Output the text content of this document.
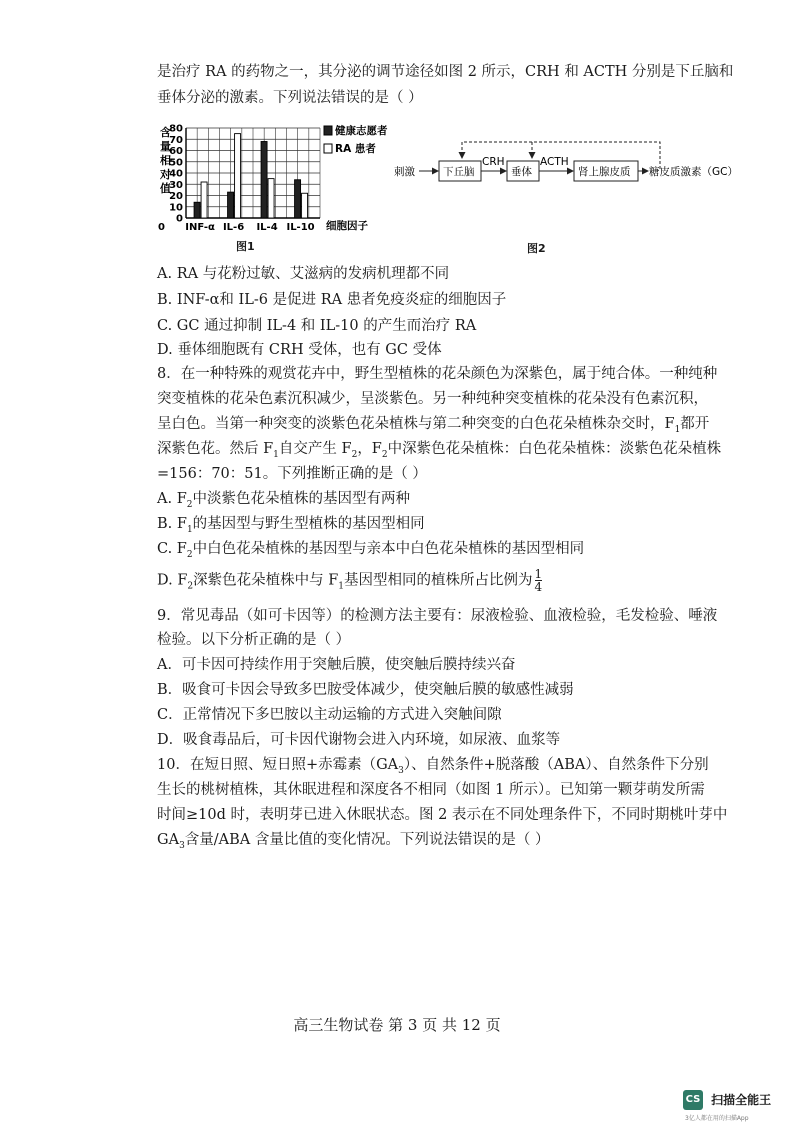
是治疗 RA 的药物之一，其分泌的调节途径如图 2 所示，CRH 和 ACTH 分别是下丘脑和
垂体分泌的激素。下列说法错误的是（ ）
含
量
相
对
值
0
10
20
30
40
50
60
70
80
INF-α IL-6 IL-4 IL-10
0	细胞因子
健康志愿者
RA 患者
图1
刺激	下丘脑
CRH
垂体
ACTH
肾上腺皮质 糖皮质激素（GC）
图2
A. RA 与花粉过敏、艾滋病的发病机理都不同
B. INF-α和 IL-6 是促进 RA 患者免疫炎症的细胞因子
C. GC 通过抑制 IL-4 和 IL-10 的产生而治疗 RA
D. 垂体细胞既有 CRH 受体，也有 GC 受体
8．在一种特殊的观赏花卉中，野生型植株的花朵颜色为深紫色，属于纯合体。一种纯种
突变植株的花朵色素沉积减少，呈淡紫色。另一种纯种突变植株的花朵没有色素沉积，
呈白色。当第一种突变的淡紫色花朵植株与第二种突变的白色花朵植株杂交时，$F_1$都开
深紫色花。然后 $F_1$自交产生 $F_2$，$F_2$中深紫色花朵植株：白色花朵植株：淡紫色花朵植株
=156：70：51。下列推断正确的是（ ）
A. $F_2$中淡紫色花朵植株的基因型有两种
B. $F_1$的基因型与野生型植株的基因型相同
C. $F_2$中白色花朵植株的基因型与亲本中白色花朵植株的基因型相同
D. $F_2$深紫色花朵植株中与 $F_1$基因型相同的植株所占比例为 $\frac{1}{4}$
9．常见毒品（如可卡因等）的检测方法主要有：尿液检验、血液检验，毛发检验、唾液
检验。以下分析正确的是（ ）
A．可卡因可持续作用于突触后膜，使突触后膜持续兴奋
B．吸食可卡因会导致多巴胺受体减少，使突触后膜的敏感性减弱
C．正常情况下多巴胺以主动运输的方式进入突触间隙
D．吸食毒品后，可卡因代谢物会进入内环境，如尿液、血浆等
10．在短日照、短日照+赤霉素$(GA_3)$、自然条件+脱落酸（ABA）、自然条件下分别
生长的桃树植株，其休眠进程和深度各不相同（如图 1 所示）。已知第一颗芽萌发所需
时间≥10d 时，表明芽已进入休眠状态。图 2 表示在不同处理条件下，不同时期桃叶芽中
$GA_3$含量/ABA 含量比值的变化情况。下列说法错误的是（ ）
高三生物试卷 第 3 页 共 12 页
CS 扫描全能王
3亿人都在用的扫描App
